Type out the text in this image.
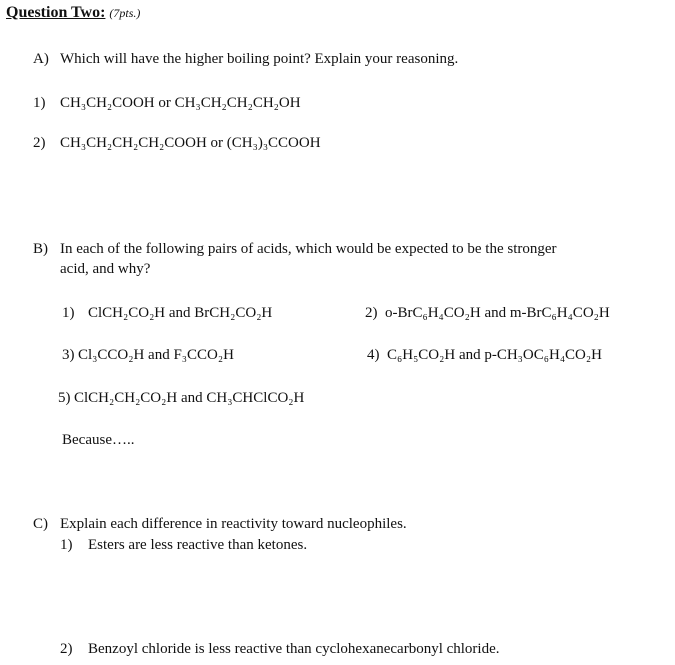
Question Two: (7pts.)
A) Which will have the higher boiling point? Explain your reasoning.
1) CH₃CH₂COOH or CH₃CH₂CH₂CH₂OH
2) CH₃CH₂CH₂CH₂COOH or (CH₃)₃CCOOH
B) In each of the following pairs of acids, which would be expected to be the stronger
acid, and why?
1) ClCH₂CO₂H and BrCH₂CO₂H	2) o-BrC₆H₄CO₂H and m-BrC₆H₄CO₂H
3) Cl₃CCO₂H and F₃CCO₂H	4) C₆H₅CO₂H and p-CH₃OC₆H₄CO₂H
5) ClCH₂CH₂CO₂H and CH₃CHClCO₂H
Because…..
C) Explain each difference in reactivity toward nucleophiles.
1) Esters are less reactive than ketones.
2) Benzoyl chloride is less reactive than cyclohexanecarbonyl chloride.
